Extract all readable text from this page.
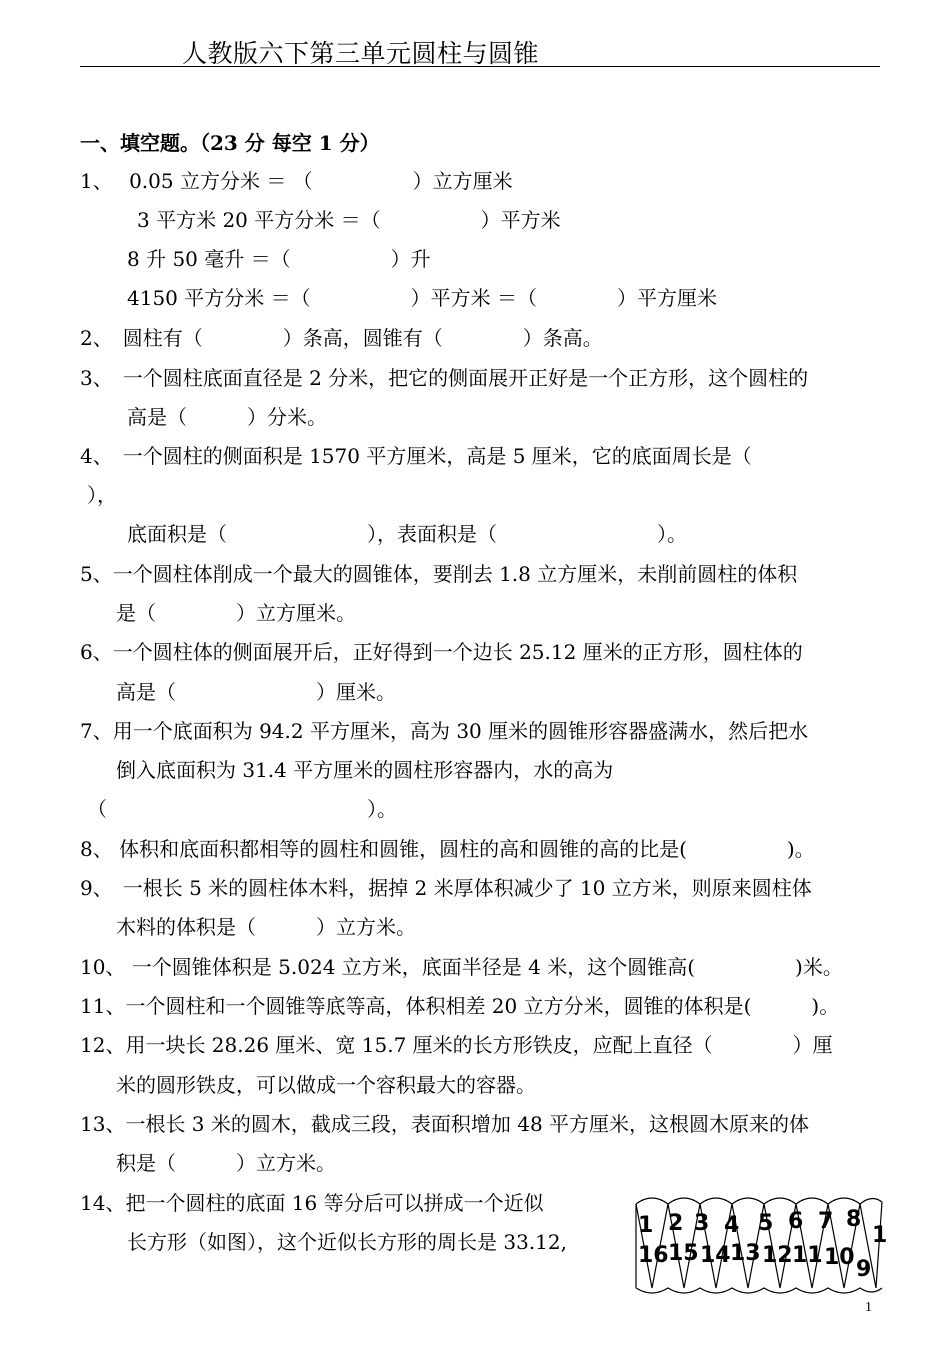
人教版六下第三单元圆柱与圆锥
一、填空题。（23 分 每空 1 分）
1、　 0.05 立方分米 ＝ （　　　　　）立方厘米
3 平方米 20 平方分米 ＝（　　　　　）平方米
8 升 50 毫升 ＝（　　　　　）升
4150 平方分米 ＝（　　　　　）平方米 ＝（　　　　）平方厘米
2、　圆柱有（　　　　）条高，圆锥有（　　　　）条高。
3、　一个圆柱底面直径是 2 分米，把它的侧面展开正好是一个正方形，这个圆柱的
高是（　　　）分米。
4、　一个圆柱的侧面积是 1570 平方厘米，高是 5 厘米，它的底面周长是（
），
底面积是（　　　　　　　），表面积是（　　　　　　　　）。
5、一个圆柱体削成一个最大的圆锥体，要削去 1.8 立方厘米，未削前圆柱的体积
是（　　　　）立方厘米。
6、一个圆柱体的侧面展开后，正好得到一个边长 25.12 厘米的正方形，圆柱体的
高是（　　　　　　　）厘米。
7、用一个底面积为 94.2 平方厘米，高为 30 厘米的圆锥形容器盛满水，然后把水
倒入底面积为 31.4 平方厘米的圆柱形容器内，水的高为
（　　　　　　　　　　　　　）。
8、 体积和底面积都相等的圆柱和圆锥，圆柱的高和圆锥的高的比是(　　　　　)。
9、　一根长 5 米的圆柱体木料，据掉 2 米厚体积减少了 10 立方米，则原来圆柱体
木料的体积是（　　　）立方米。
10、 一个圆锥体积是 5.024 立方米，底面半径是 4 米，这个圆锥高(　　　　　)米。
11、一个圆柱和一个圆锥等底等高，体积相差 20 立方分米，圆锥的体积是(　　　)。
12、用一块长 28.26 厘米、宽 15.7 厘米的长方形铁皮，应配上直径（　　　　）厘
米的圆形铁皮，可以做成一个容积最大的容器。
13、一根长 3 米的圆木，截成三段，表面积增加 48 平方厘米，这根圆木原来的体
积是（　　　）立方米。
14、把一个圆柱的底面 16 等分后可以拼成一个近似
长方形（如图），这个近似长方形的周长是 33.12,
1 2 3 4 5 6 7 8
1
16 15 14 13 12 11 10 9
1
